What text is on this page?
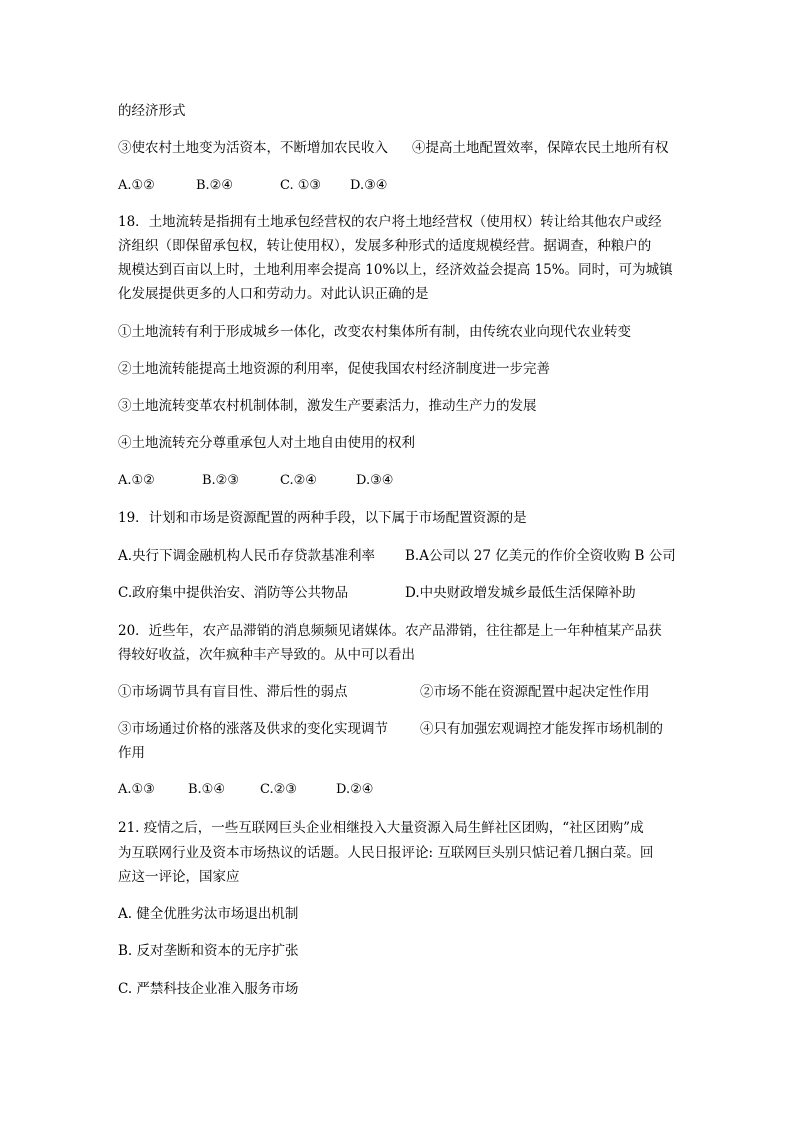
的经济形式
③使农村土地变为活资本，不断增加农民收入 ④提高土地配置效率，保障农民土地所有权
A.①②	B.②④	C. ①③ D.③④
18．土地流转是指拥有土地承包经营权的农户将土地经营权（使用权）转让给其他农户或经
济组织（即保留承包权，转让使用权），发展多种形式的适度规模经营。据调查，种粮户的
规模达到百亩以上时，土地利用率会提高 10%以上，经济效益会提高 15%。同时，可为城镇
化发展提供更多的人口和劳动力。对此认识正确的是
①土地流转有利于形成城乡一体化，改变农村集体所有制，由传统农业向现代农业转变
②土地流转能提高土地资源的利用率，促使我国农村经济制度进一步完善
③土地流转变革农村机制体制，激发生产要素活力，推动生产力的发展
④土地流转充分尊重承包人对土地自由使用的权利
A.①②	B.②③	C.②④	D.③④
19．计划和市场是资源配置的两种手段，以下属于市场配置资源的是
A.央行下调金融机构人民币存贷款基准利率 B.A公司以 27 亿美元的作价全资收购 B 公司
C.政府集中提供治安、消防等公共物品	D.中央财政增发城乡最低生活保障补助
20．近些年，农产品滞销的消息频频见诸媒体。农产品滞销，往往都是上一年种植某产品获
得较好收益，次年疯种丰产导致的。从中可以看出
①市场调节具有盲目性、滞后性的弱点	②市场不能在资源配置中起决定性作用
③市场通过价格的涨落及供求的变化实现调节 ④只有加强宏观调控才能发挥市场机制的
作用
A.①③	B.①④	C.②③	D.②④
21. 疫情之后，一些互联网巨头企业相继投入大量资源入局生鲜社区团购，“社区团购”成
为互联网行业及资本市场热议的话题。人民日报评论: 互联网巨头别只惦记着几捆白菜。回
应这一评论，国家应
A. 健全优胜劣汰市场退出机制
B. 反对垄断和资本的无序扩张
C. 严禁科技企业准入服务市场
